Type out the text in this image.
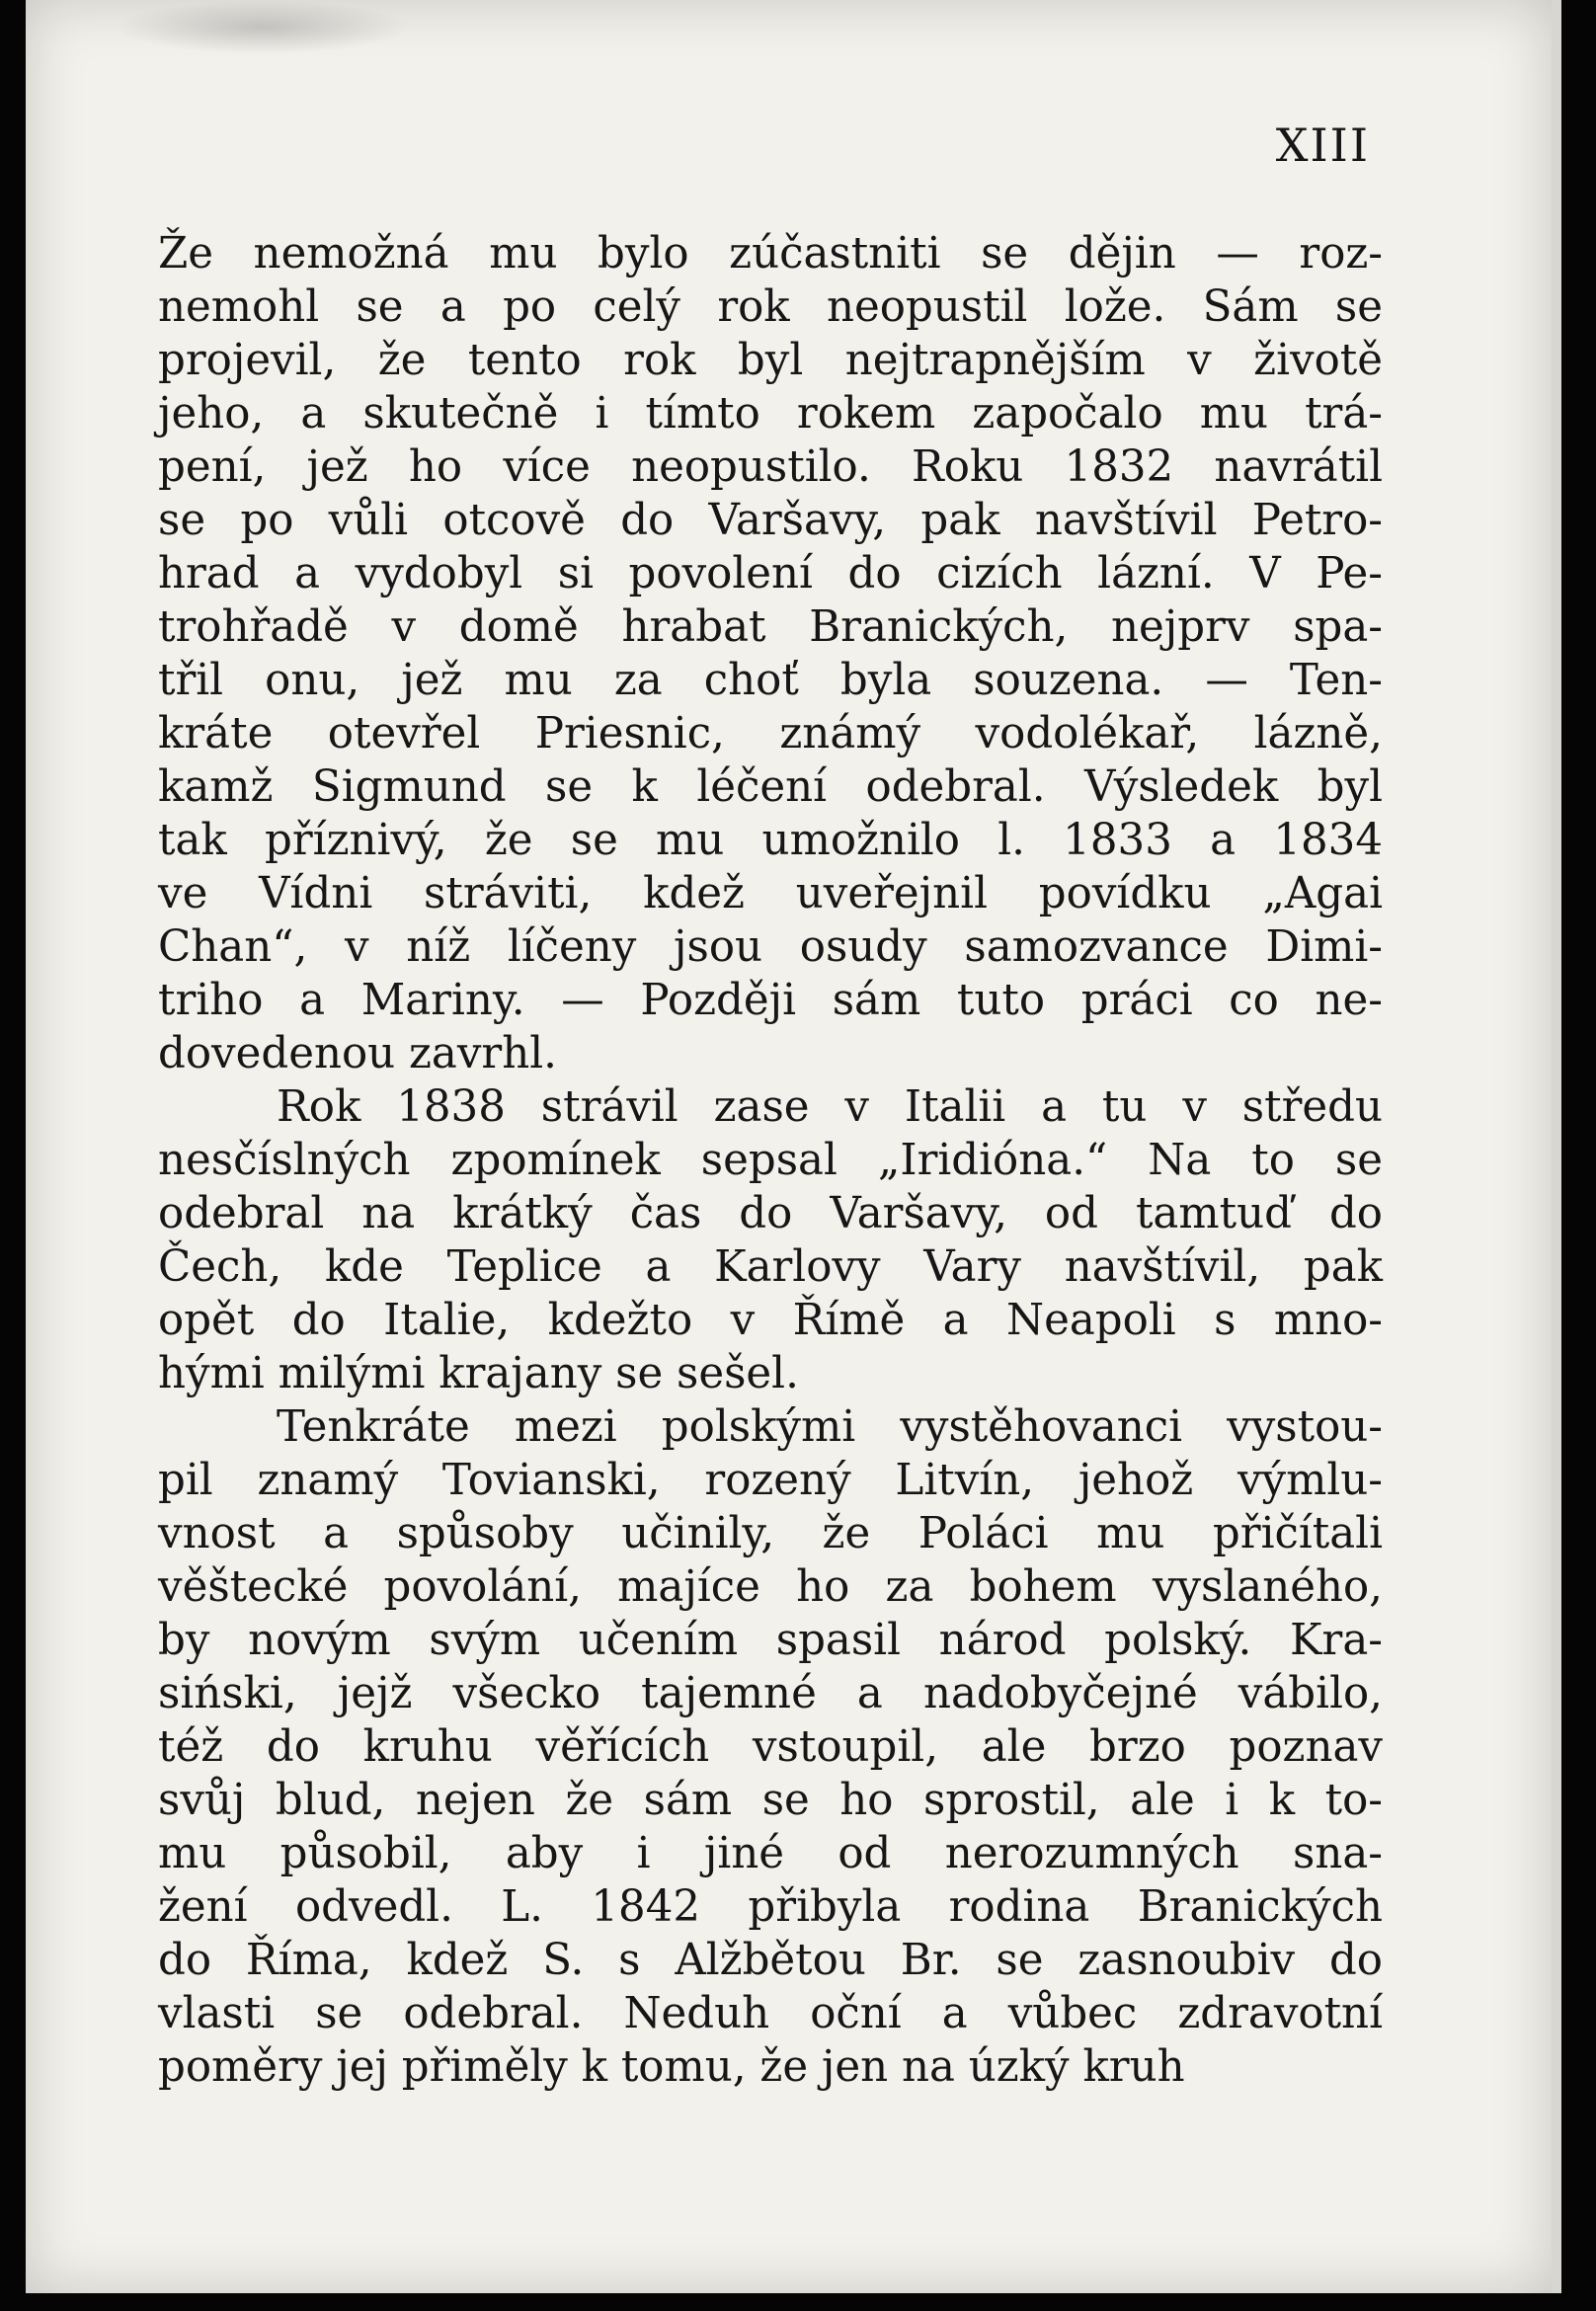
XIII
Že nemožná mu bylo zúčastniti se dějin — roz-
nemohl se a po celý rok neopustil lože. Sám se
projevil, že tento rok byl nejtrapnějším v životě
jeho, a skutečně i tímto rokem započalo mu trá-
pení, jež ho více neopustilo. Roku 1832 navrátil
se po vůli otcově do Varšavy, pak navštívil Petro-
hrad a vydobyl si povolení do cizích lázní. V Pe-
trohřadě v domě hrabat Branických, nejprv spa-
třil onu, jež mu za choť byla souzena. — Ten-
kráte otevřel Priesnic, známý vodolékař, lázně,
kamž Sigmund se k léčení odebral. Výsledek byl
tak příznivý, že se mu umožnilo l. 1833 a 1834
ve Vídni stráviti, kdež uveřejnil povídku „Agai
Chan“, v níž líčeny jsou osudy samozvance Dimi-
triho a Mariny. — Později sám tuto práci co ne-
dovedenou zavrhl.
Rok 1838 strávil zase v Italii a tu v středu
nesčíslných zpomínek sepsal „Iridióna.“ Na to se
odebral na krátký čas do Varšavy, od tamtuď do
Čech, kde Teplice a Karlovy Vary navštívil, pak
opět do Italie, kdežto v Římě a Neapoli s mno-
hými milými krajany se sešel.
Tenkráte mezi polskými vystěhovanci vystou-
pil znamý Tovianski, rozený Litvín, jehož výmlu-
vnost a spůsoby učinily, že Poláci mu přičítali
věštecké povolání, majíce ho za bohem vyslaného,
by novým svým učením spasil národ polský. Kra-
siński, jejž všecko tajemné a nadobyčejné vábilo,
též do kruhu věřících vstoupil, ale brzo poznav
svůj blud, nejen že sám se ho sprostil, ale i k to-
mu působil, aby i jiné od nerozumných sna-
žení odvedl. L. 1842 přibyla rodina Branických
do Říma, kdež S. s Alžbětou Br. se zasnoubiv do
vlasti se odebral. Neduh oční a vůbec zdravotní
poměry jej přiměly k tomu, že jen na úzký kruh
